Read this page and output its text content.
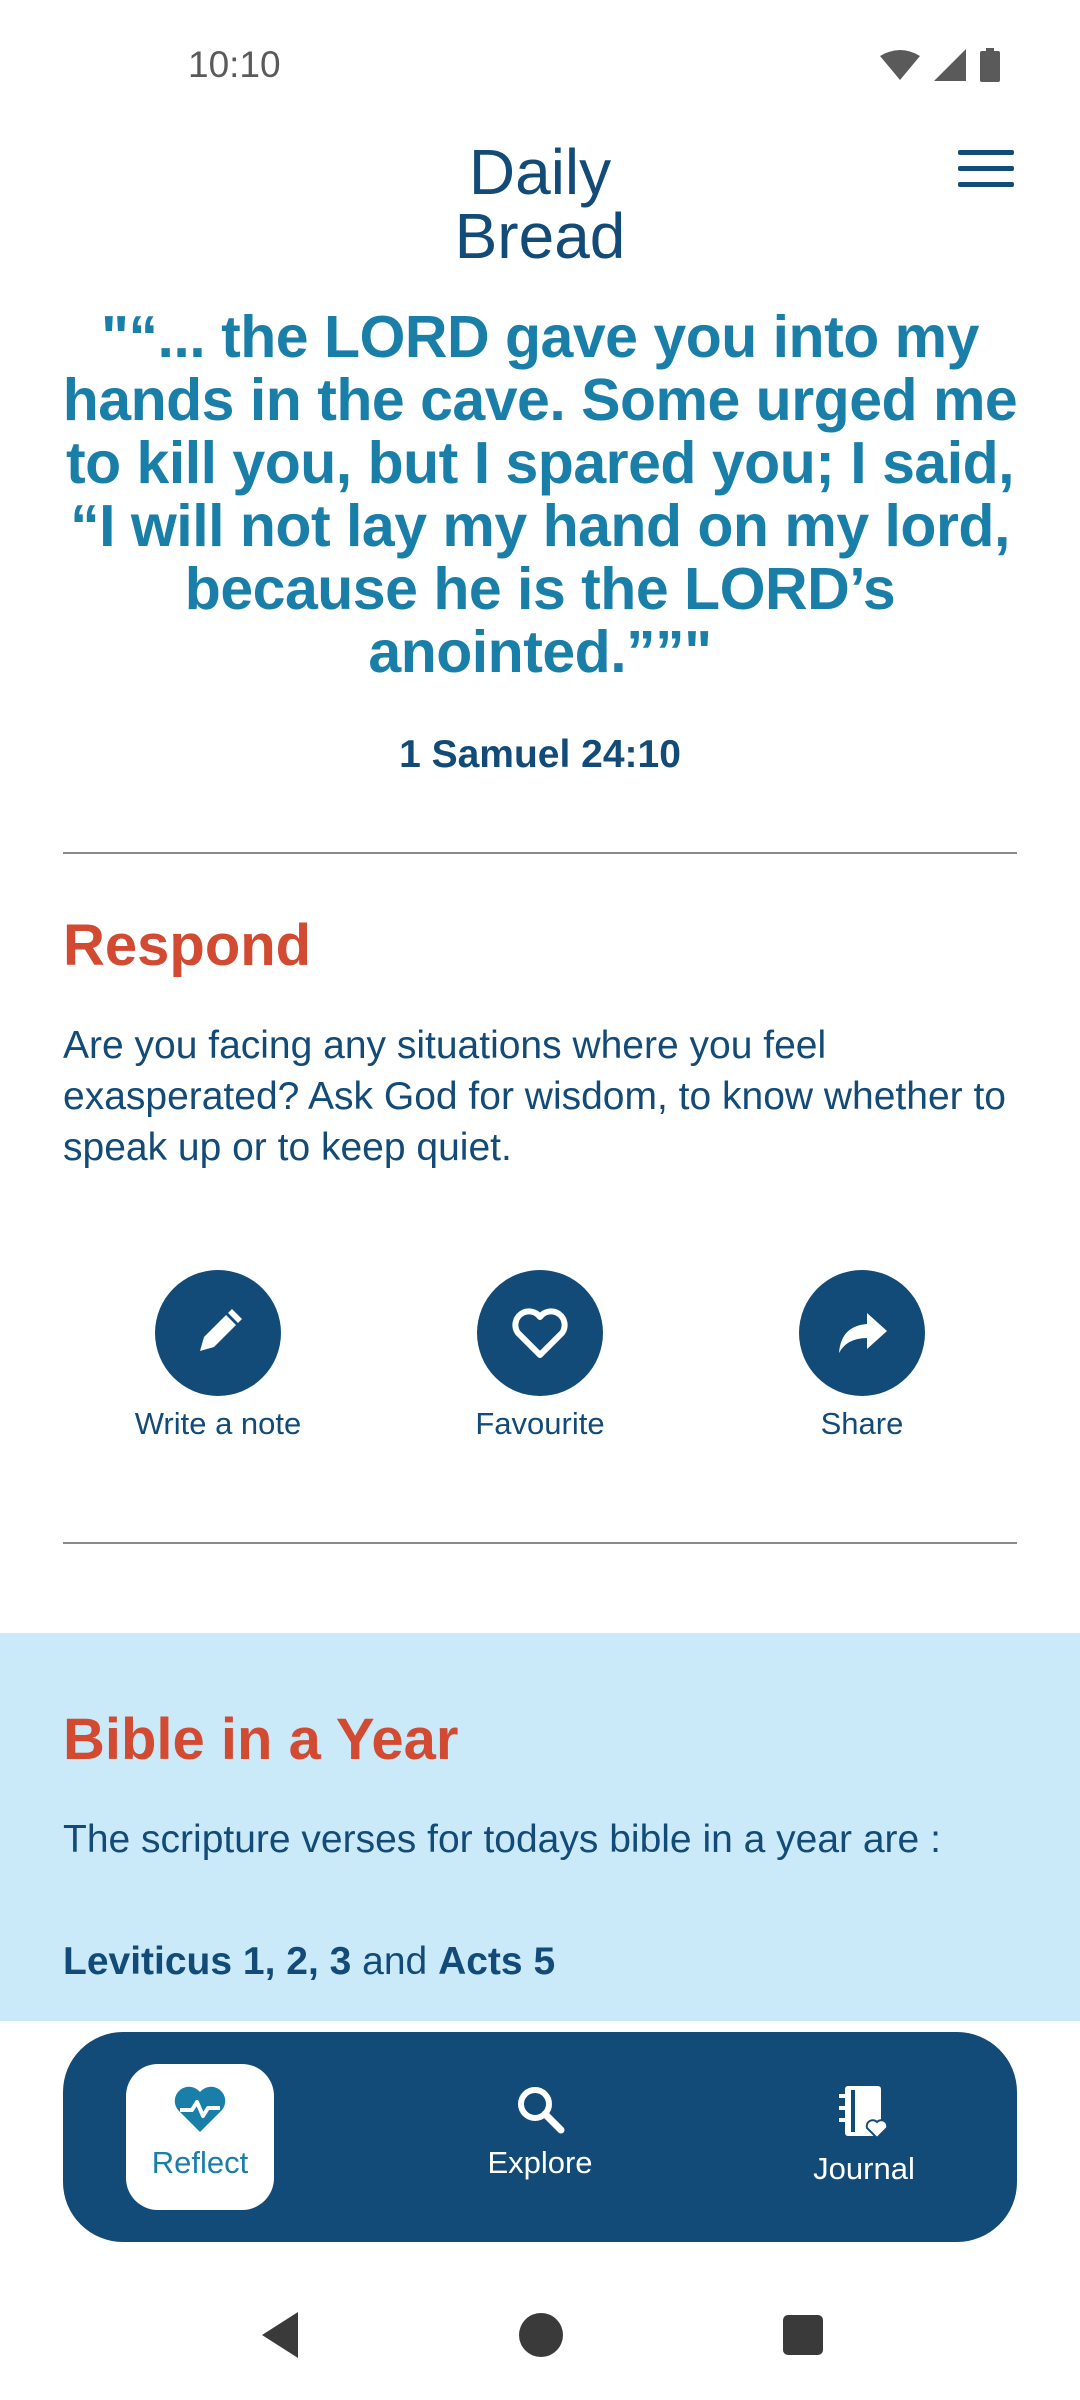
10:10
Daily
Bread
"“... the LORD gave you into my hands in the cave. Some urged me to kill you, but I spared you; I said, “I will not lay my hand on my lord, because he is the LORD’s anointed.””"
1 Samuel 24:10
Respond
Are you facing any situations where you feel exasperated? Ask God for wisdom, to know whether to speak up or to keep quiet.
Write a note	Favourite	Share
Bible in a Year
The scripture verses for todays bible in a year are :
Leviticus 1, 2, 3 and Acts 5
Reflect	Explore	Journal
